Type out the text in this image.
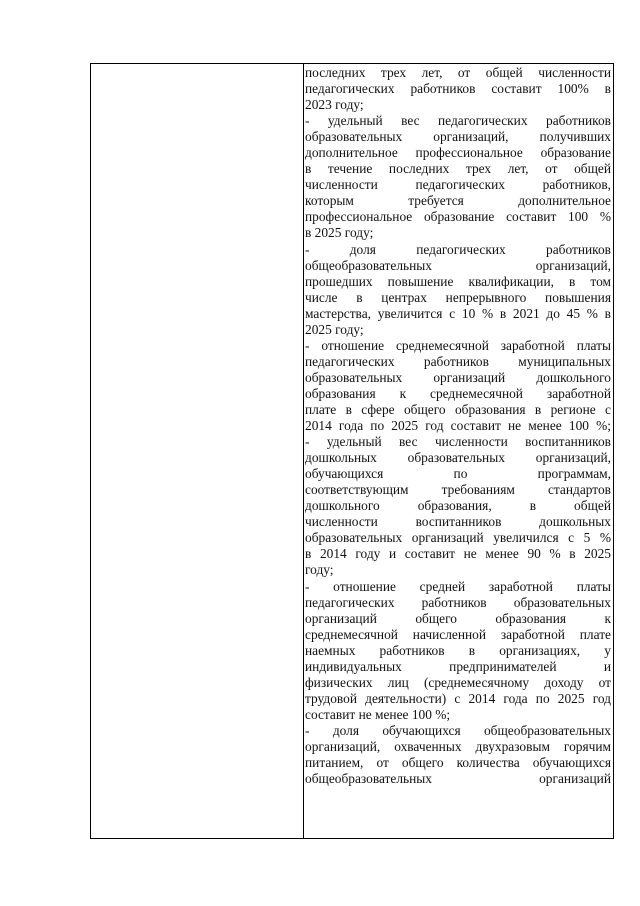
последних трех лет, от общей численности
педагогических работников составит 100% в
2023 году;
- удельный вес педагогических работников
образовательных организаций, получивших
дополнительное профессиональное образование
в течение последних трех лет, от общей
численности педагогических работников,
которым требуется дополнительное
профессиональное образование составит 100 %
в 2025 году;
- доля педагогических работников
общеобразовательных организаций,
прошедших повышение квалификации, в том
числе в центрах непрерывного повышения
мастерства, увеличится с 10 % в 2021 до 45 % в
2025 году;
- отношение среднемесячной заработной платы
педагогических работников муниципальных
образовательных организаций дошкольного
образования к среднемесячной заработной
плате в сфере общего образования в регионе с
2014 года по 2025 год составит не менее 100 %;
- удельный вес численности воспитанников
дошкольных образовательных организаций,
обучающихся по программам,
соответствующим требованиям стандартов
дошкольного образования, в общей
численности воспитанников дошкольных
образовательных организаций увеличился с 5 %
в 2014 году и составит не менее 90 % в 2025
году;
- отношение средней заработной платы
педагогических работников образовательных
организаций общего образования к
среднемесячной начисленной заработной плате
наемных работников в организациях, у
индивидуальных предпринимателей и
физических лиц (среднемесячному доходу от
трудовой деятельности) с 2014 года по 2025 год
составит не менее 100 %;
- доля обучающихся общеобразовательных
организаций, охваченных двухразовым горячим
питанием, от общего количества обучающихся
общеобразовательных организаций
